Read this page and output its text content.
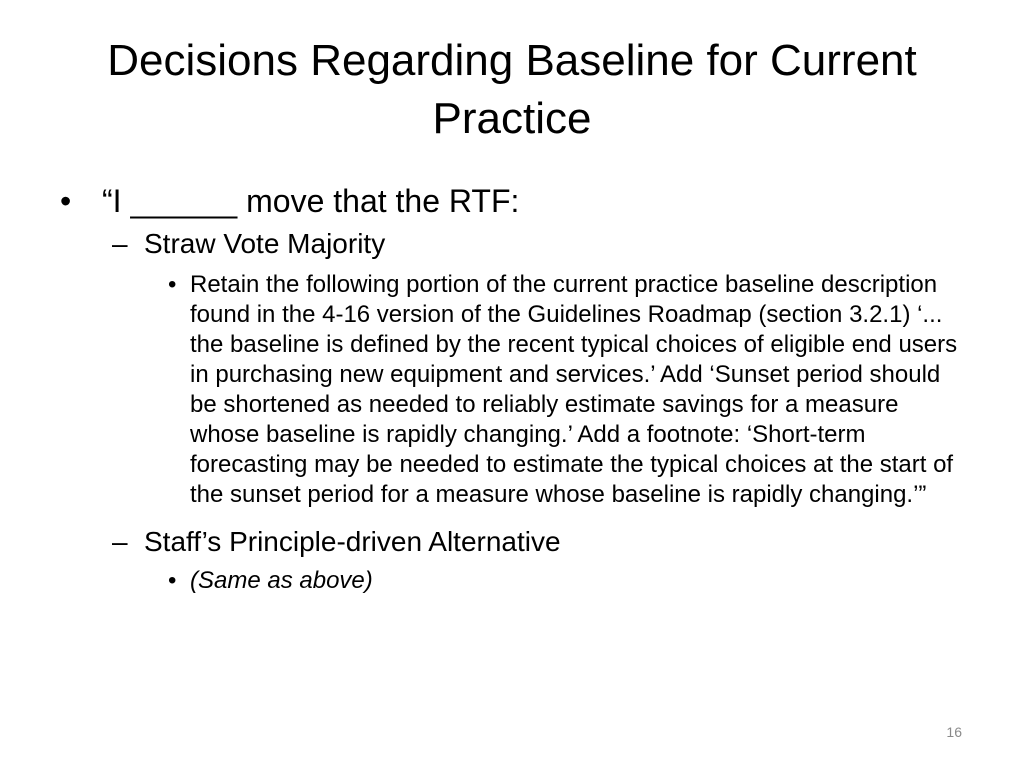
Decisions Regarding Baseline for Current Practice
• “I ______ move that the RTF:
– Straw Vote Majority
• Retain the following portion of the current practice baseline description found in the 4-16 version of the Guidelines Roadmap (section 3.2.1) ‘... the baseline is defined by the recent typical choices of eligible end users in purchasing new equipment and services.’ Add ‘Sunset period should be shortened as needed to reliably estimate savings for a measure whose baseline is rapidly changing.’ Add a footnote: ‘Short-term forecasting may be needed to estimate the typical choices at the start of the sunset period for a measure whose baseline is rapidly changing.’”
– Staff’s Principle-driven Alternative
• (Same as above)
16
